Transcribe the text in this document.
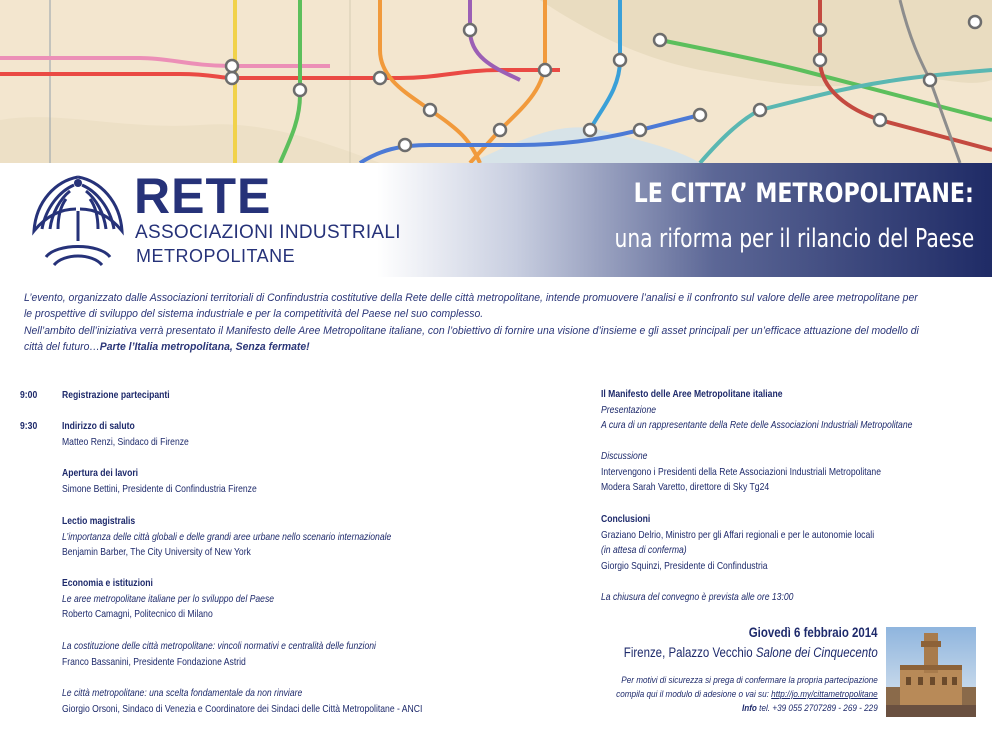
RETE
ASSOCIAZIONI INDUSTRIALI
METROPOLITANE
LE CITTA’ METROPOLITANE:
una riforma per il rilancio del Paese

L’evento, organizzato dalle Associazioni territoriali di Confindustria costitutive della Rete delle città metropolitane, intende promuovere l’analisi e il confronto sul valore delle aree metropolitane per

le prospettive di sviluppo del sistema industriale e per la competitività del Paese nel suo complesso.

Nell’ambito dell’iniziativa verrà presentato il Manifesto delle Aree Metropolitane italiane, con l’obiettivo di fornire una visione d’insieme e gli asset principali per un’efficace attuazione del modello di

città del futuro…Parte l’Italia metropolitana, Senza fermate!

9:00 Registrazione partecipanti
9:30 Indirizzo di saluto
Matteo Renzi, Sindaco di Firenze
Apertura dei lavori
Simone Bettini, Presidente di Confindustria Firenze
Lectio magistralis
L’importanza delle città globali e delle grandi aree urbane nello scenario internazionale
Benjamin Barber, The City University of New York
Economia e istituzioni
Le aree metropolitane italiane per lo sviluppo del Paese
Roberto Camagni, Politecnico di Milano
La costituzione delle città metropolitane: vincoli normativi e centralità delle funzioni
Franco Bassanini, Presidente Fondazione Astrid
Le città metropolitane: una scelta fondamentale da non rinviare
Giorgio Orsoni, Sindaco di Venezia e Coordinatore dei Sindaci delle Città Metropolitane - ANCI
Il Manifesto delle Aree Metropolitane italiane
Presentazione
A cura di un rappresentante della Rete delle Associazioni Industriali Metropolitane
Discussione
Intervengono i Presidenti della Rete Associazioni Industriali Metropolitane
Modera Sarah Varetto, direttore di Sky Tg24
Conclusioni
Graziano Delrio, Ministro per gli Affari regionali e per le autonomie locali
(in attesa di conferma)
Giorgio Squinzi, Presidente di Confindustria
La chiusura del convegno è prevista alle ore 13:00
Giovedì 6 febbraio 2014
Firenze, Palazzo Vecchio Salone dei Cinquecento
Per motivi di sicurezza si prega di confermare la propria partecipazione
compila qui il modulo di adesione o vai su: http://jo.my/cittametropolitane
Info tel. +39 055 2707289 - 269 - 229
